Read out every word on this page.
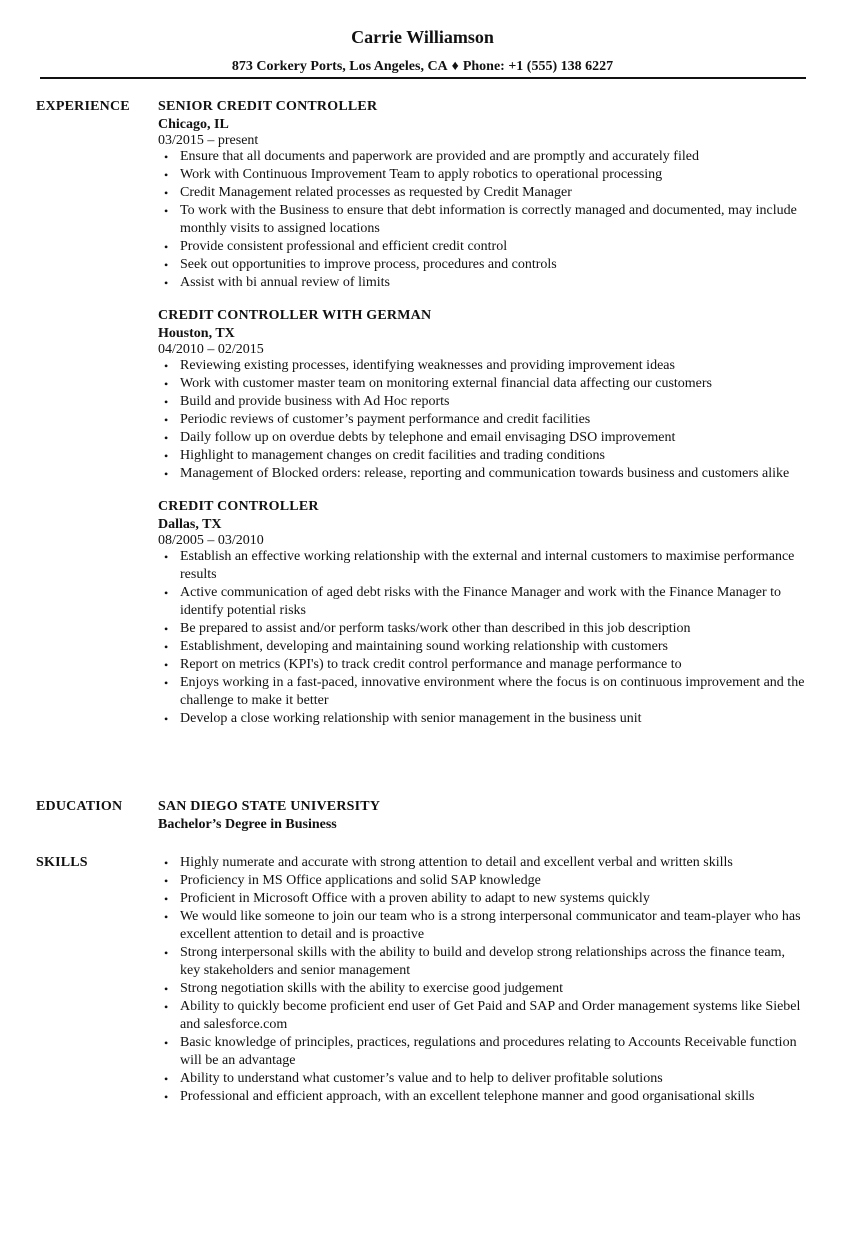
Carrie Williamson
873 Corkery Ports, Los Angeles, CA ♦ Phone: +1 (555) 138 6227
EXPERIENCE SENIOR CREDIT CONTROLLER
Chicago, IL
03/2015 – present
• Ensure that all documents and paperwork are provided and are promptly and accurately filed
• Work with Continuous Improvement Team to apply robotics to operational processing
• Credit Management related processes as requested by Credit Manager
• To work with the Business to ensure that debt information is correctly managed and documented, may include monthly visits to assigned locations
• Provide consistent professional and efficient credit control
• Seek out opportunities to improve process, procedures and controls
• Assist with bi annual review of limits
CREDIT CONTROLLER WITH GERMAN
Houston, TX
04/2010 – 02/2015
• Reviewing existing processes, identifying weaknesses and providing improvement ideas
• Work with customer master team on monitoring external financial data affecting our customers
• Build and provide business with Ad Hoc reports
• Periodic reviews of customer’s payment performance and credit facilities
• Daily follow up on overdue debts by telephone and email envisaging DSO improvement
• Highlight to management changes on credit facilities and trading conditions
• Management of Blocked orders: release, reporting and communication towards business and customers alike
CREDIT CONTROLLER
Dallas, TX
08/2005 – 03/2010
• Establish an effective working relationship with the external and internal customers to maximise performance results
• Active communication of aged debt risks with the Finance Manager and work with the Finance Manager to identify potential risks
• Be prepared to assist and/or perform tasks/work other than described in this job description
• Establishment, developing and maintaining sound working relationship with customers
• Report on metrics (KPI's) to track credit control performance and manage performance to
• Enjoys working in a fast-paced, innovative environment where the focus is on continuous improvement and the challenge to make it better
• Develop a close working relationship with senior management in the business unit
EDUCATION	SAN DIEGO STATE UNIVERSITY
Bachelor’s Degree in Business
SKILLS	• Highly numerate and accurate with strong attention to detail and excellent verbal and written skills
• Proficiency in MS Office applications and solid SAP knowledge
• Proficient in Microsoft Office with a proven ability to adapt to new systems quickly
• We would like someone to join our team who is a strong interpersonal communicator and team-player who has excellent attention to detail and is proactive
• Strong interpersonal skills with the ability to build and develop strong relationships across the finance team, key stakeholders and senior management
• Strong negotiation skills with the ability to exercise good judgement
• Ability to quickly become proficient end user of Get Paid and SAP and Order management systems like Siebel and salesforce.com
• Basic knowledge of principles, practices, regulations and procedures relating to Accounts Receivable function will be an advantage
• Ability to understand what customer’s value and to help to deliver profitable solutions
• Professional and efficient approach, with an excellent telephone manner and good organisational skills
